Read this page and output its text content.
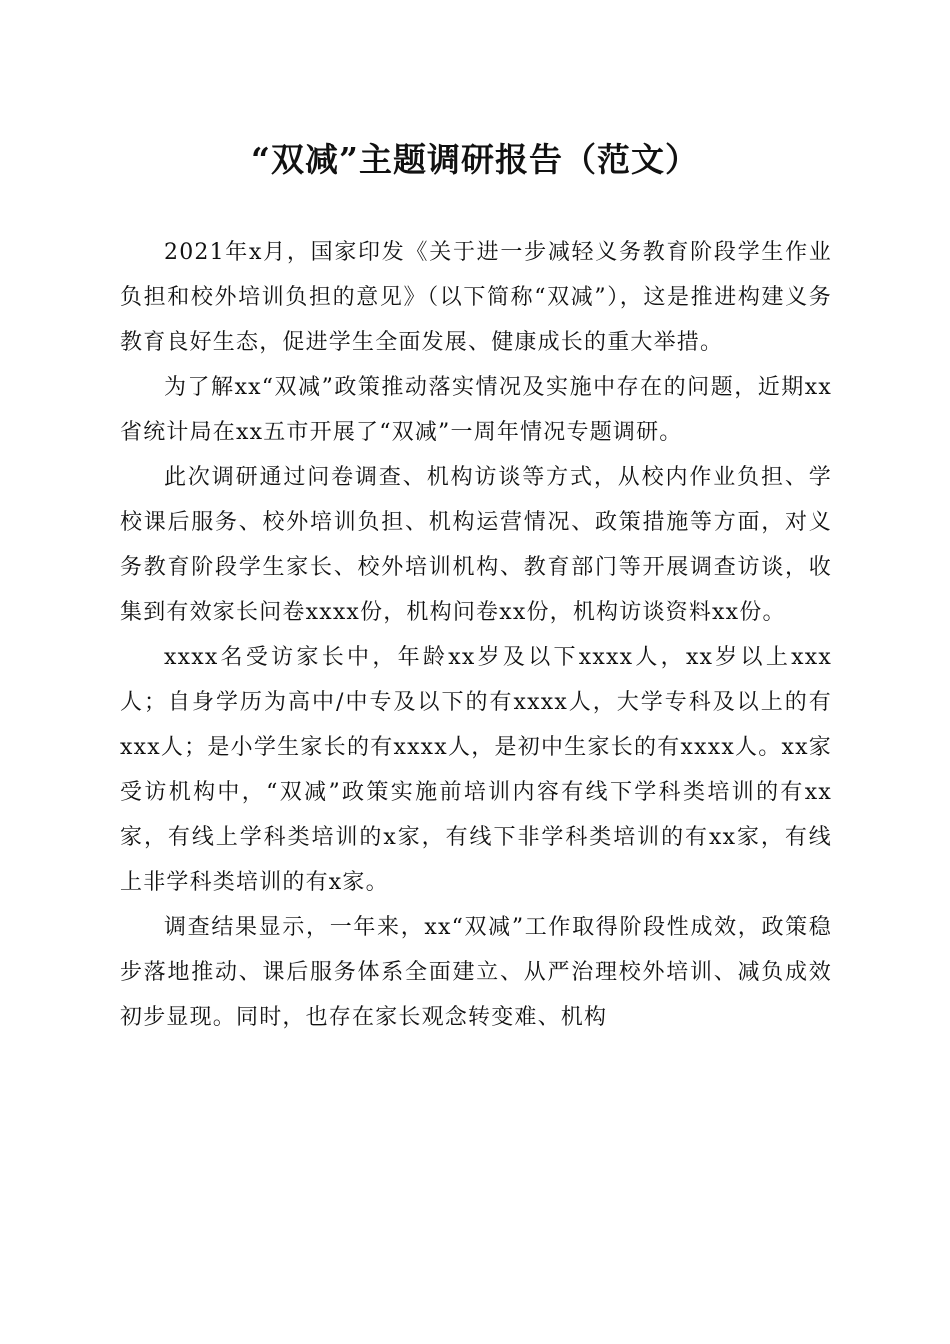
“双减”主题调研报告（范文）

2021年x月，国家印发《关于进一步减轻义务教育阶段学生作业负担和校外培训负担的意见》（以下简称“双减”），这是推进构建义务教育良好生态，促进学生全面发展、健康成长的重大举措。

为了解xx“双减”政策推动落实情况及实施中存在的问题，近期xx省统计局在xx五市开展了“双减”一周年情况专题调研。

此次调研通过问卷调查、机构访谈等方式，从校内作业负担、学校课后服务、校外培训负担、机构运营情况、政策措施等方面，对义务教育阶段学生家长、校外培训机构、教育部门等开展调查访谈，收集到有效家长问卷xxxx份，机构问卷xx份，机构访谈资料xx份。

xxxx名受访家长中，年龄xx岁及以下xxxx人，xx岁以上xxx人；自身学历为高中/中专及以下的有xxxx人，大学专科及以上的有xxx人；是小学生家长的有xxxx人，是初中生家长的有xxxx人。xx家受访机构中，“双减”政策实施前培训内容有线下学科类培训的有xx家，有线上学科类培训的x家，有线下非学科类培训的有xx家，有线上非学科类培训的有x家。

调查结果显示，一年来，xx“双减”工作取得阶段性成效，政策稳步落地推动、课后服务体系全面建立、从严治理校外培训、减负成效初步显现。同时，也存在家长观念转变难、机构
